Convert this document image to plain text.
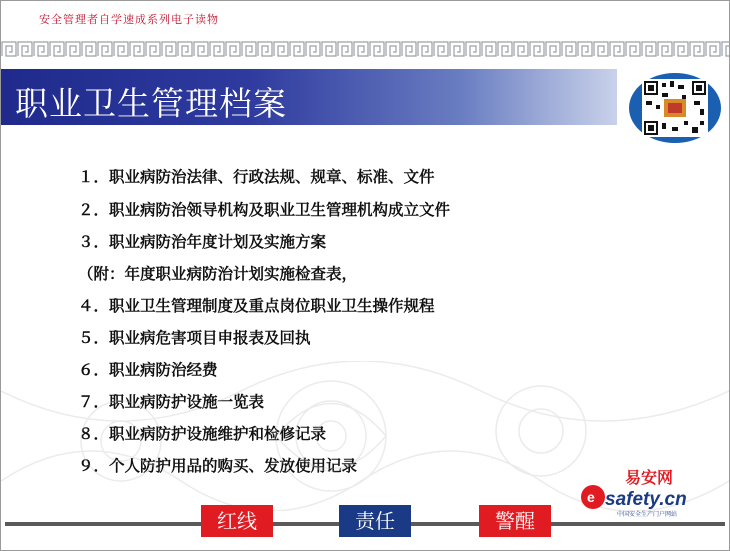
安全管理者自学速成系列电子读物
职业卫生管理档案
１．职业病防治法律、行政法规、规章、标准、文件
２．职业病防治领导机构及职业卫生管理机构成立文件
３．职业病防治年度计划及实施方案
（附：年度职业病防治计划实施检查表，
４．职业卫生管理制度及重点岗位职业卫生操作规程
５．职业病危害项目申报表及回执
６．职业病防治经费
７．职业病防护设施一览表
８．职业病防护设施维护和检修记录
９．个人防护用品的购买、发放使用记录
红线	责任	警醒
e
易安网
safety.cn
中国安全生产门户网站
